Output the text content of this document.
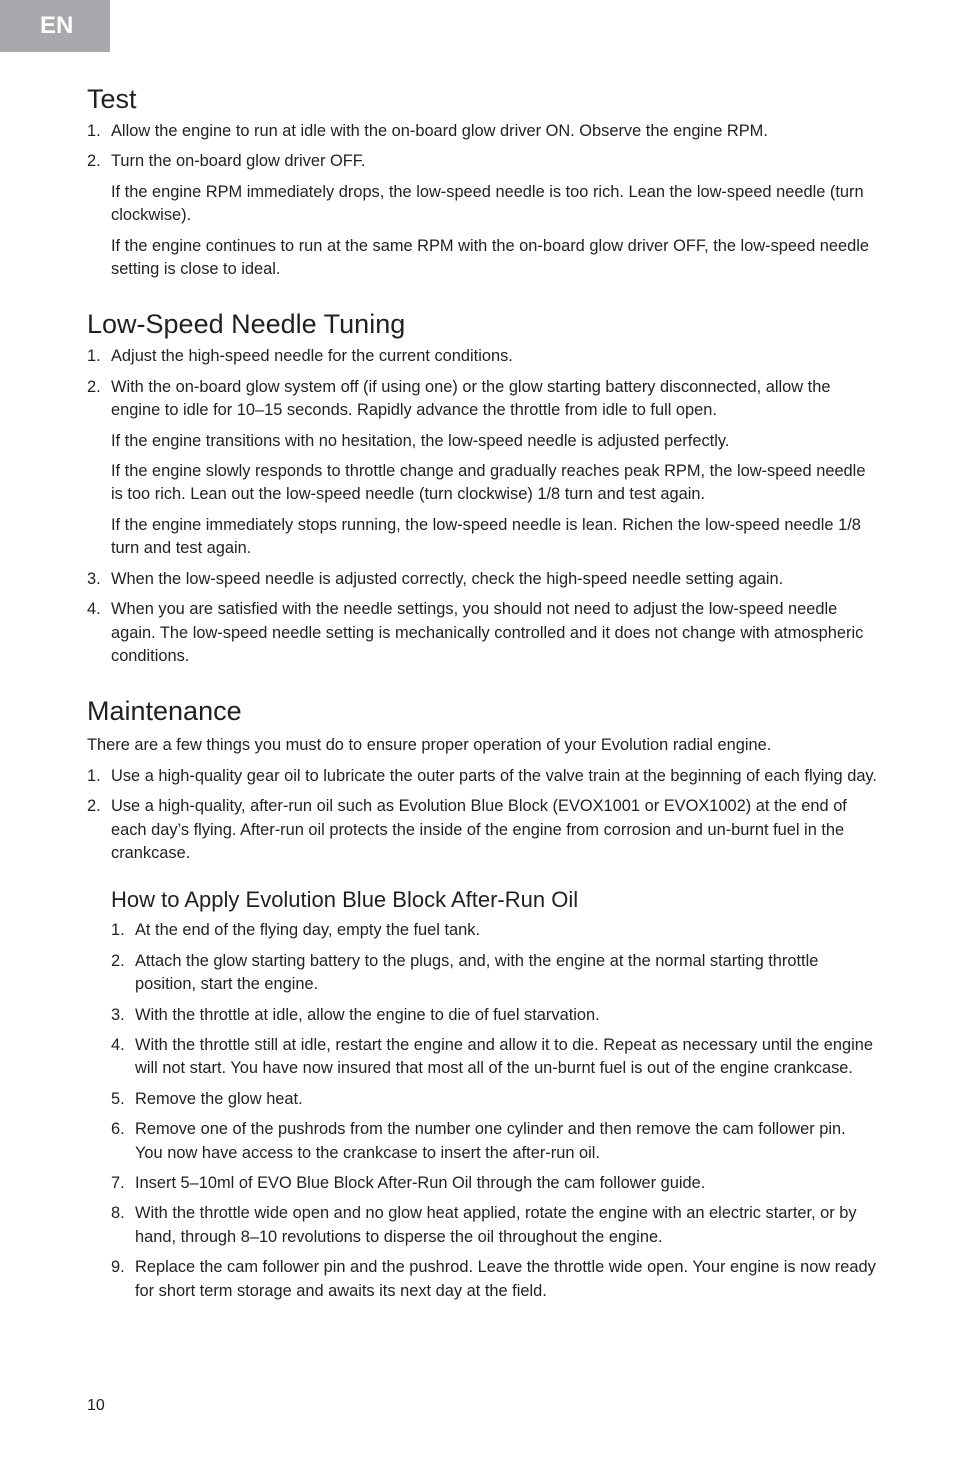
EN
Test
1. Allow the engine to run at idle with the on-board glow driver ON. Observe the engine RPM.
2. Turn the on-board glow driver OFF.

If the engine RPM immediately drops, the low-speed needle is too rich. Lean the low-speed needle (turn clockwise).

If the engine continues to run at the same RPM with the on-board glow driver OFF, the low-speed needle setting is close to ideal.

Low-Speed Needle Tuning
1. Adjust the high-speed needle for the current conditions.
2. With the on-board glow system off (if using one) or the glow starting battery disconnected, allow the engine to idle for 10–15 seconds. Rapidly advance the throttle from idle to full open.

If the engine transitions with no hesitation, the low-speed needle is adjusted perfectly.

If the engine slowly responds to throttle change and gradually reaches peak RPM, the low-speed needle is too rich. Lean out the low-speed needle (turn clockwise) 1/8 turn and test again.

If the engine immediately stops running, the low-speed needle is lean. Richen the low-speed needle 1/8 turn and test again.

3. When the low-speed needle is adjusted correctly, check the high-speed needle setting again.
4. When you are satisfied with the needle settings, you should not need to adjust the low-speed needle again. The low-speed needle setting is mechanically controlled and it does not change with atmospheric conditions.
Maintenance

There are a few things you must do to ensure proper operation of your Evolution radial engine.

1. Use a high-quality gear oil to lubricate the outer parts of the valve train at the beginning of each flying day.
2. Use a high-quality, after-run oil such as Evolution Blue Block (EVOX1001 or EVOX1002) at the end of each day’s flying. After-run oil protects the inside of the engine from corrosion and un-burnt fuel in the crankcase.
How to Apply Evolution Blue Block After-Run Oil
1. At the end of the flying day, empty the fuel tank.
2. Attach the glow starting battery to the plugs, and, with the engine at the normal starting throttle position, start the engine.
3. With the throttle at idle, allow the engine to die of fuel starvation.
4. With the throttle still at idle, restart the engine and allow it to die. Repeat as necessary until the engine will not start. You have now insured that most all of the un-burnt fuel is out of the engine crankcase.
5. Remove the glow heat.
6. Remove one of the pushrods from the number one cylinder and then remove the cam follower pin. You now have access to the crankcase to insert the after-run oil.
7. Insert 5–10ml of EVO Blue Block After-Run Oil through the cam follower guide.
8. With the throttle wide open and no glow heat applied, rotate the engine with an electric starter, or by hand, through 8–10 revolutions to disperse the oil throughout the engine.
9. Replace the cam follower pin and the pushrod. Leave the throttle wide open. Your engine is now ready for short term storage and awaits its next day at the field.
10
